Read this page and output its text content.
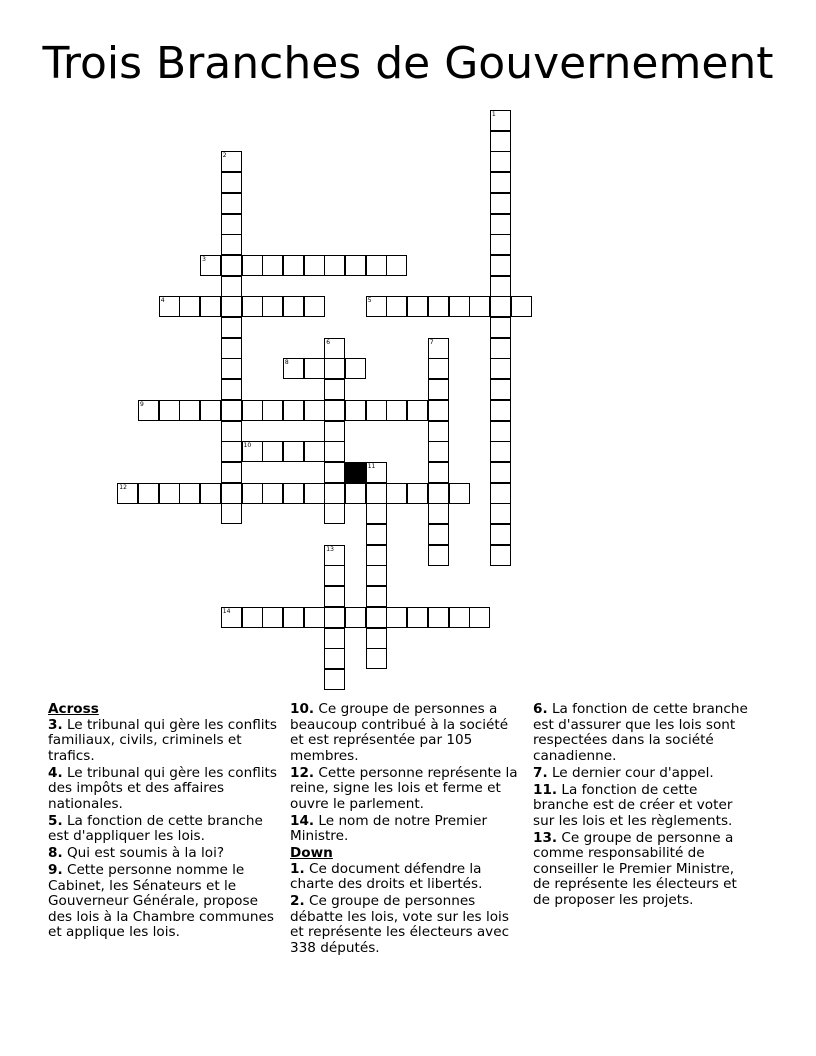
Trois Branches de Gouvernement
1
2
3
4	5
6	7
8
9
10
11
12
13
14

Across

3. Le tribunal qui gère les conflits familiaux, civils, criminels et trafics.
4. Le tribunal qui gère les conflits des impôts et des affaires nationales.
5. La fonction de cette branche est d'appliquer les lois.
8. Qui est soumis à la loi?
9. Cette personne nomme le Cabinet, les Sénateurs et le Gouverneur Générale, propose des lois à la Chambre communes et applique les lois.
10. Ce groupe de personnes a beaucoup contribué à la société et est représentée par 105 membres.
12. Cette personne représente la reine, signe les lois et ferme et ouvre le parlement.
14. Le nom de notre Premier Ministre.

Down

1. Ce document défendre la charte des droits et libertés.
2. Ce groupe de personnes débatte les lois, vote sur les lois et représente les électeurs avec 338 députés.
6. La fonction de cette branche est d'assurer que les lois sont respectées dans la société canadienne.
7. Le dernier cour d'appel.
11. La fonction de cette branche est de créer et voter sur les lois et les règlements.
13. Ce groupe de personne a comme responsabilité de conseiller le Premier Ministre, de représente les électeurs et de proposer les projets.
